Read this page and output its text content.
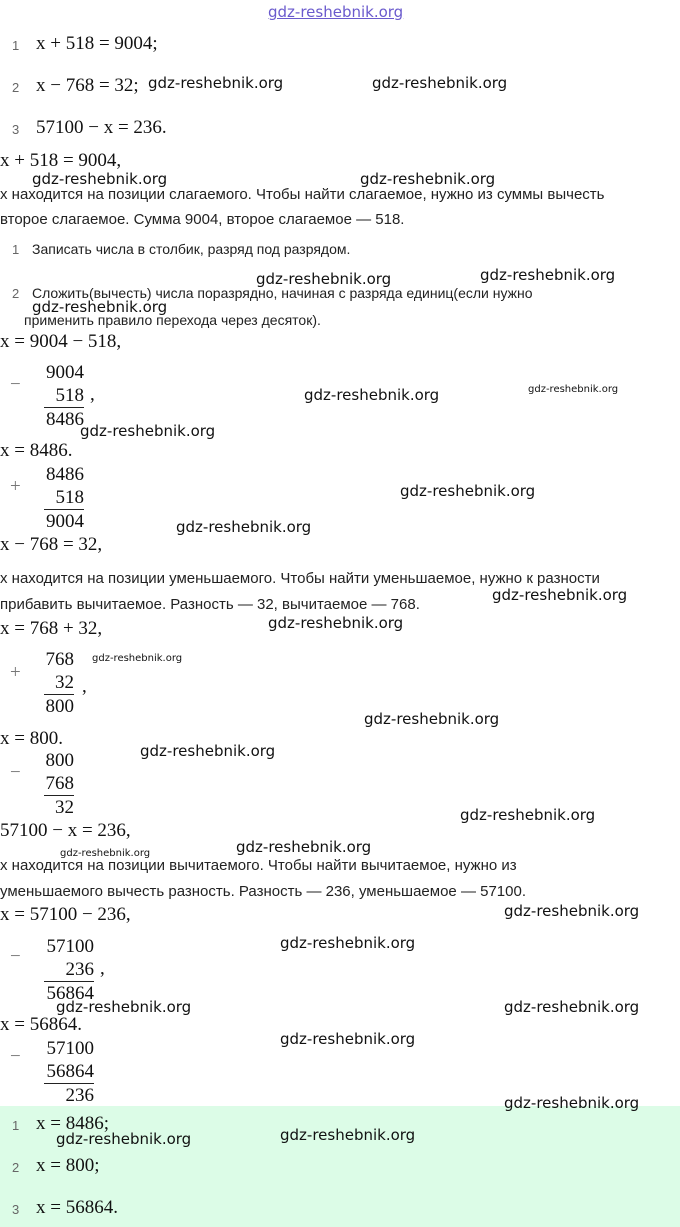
gdz-reshebnik.org
1 x + 518 = 9004;
2 x − 768 = 32;
3 57100 − x = 236.
x + 518 = 9004,
x находится на позиции слагаемого. Чтобы найти слагаемое, нужно из суммы вычесть
второе слагаемое. Сумма 9004, второе слагаемое — 518.
1 Записать числа в столбик, разряд под разрядом.
2 Сложить(вычесть) числа поразрядно, начиная с разряда единиц(если нужно
применить правило перехода через десяток).
x = 9004 − 518,
−
9004
518
8486
,
x = 8486.
+
8486
518
9004
x − 768 = 32,
x находится на позиции уменьшаемого. Чтобы найти уменьшаемое, нужно к разности
прибавить вычитаемое. Разность — 32, вычитаемое — 768.
x = 768 + 32,
+
768
32
800
,
x = 800.
−
800
768
32
57100 − x = 236,
x находится на позиции вычитаемого. Чтобы найти вычитаемое, нужно из
уменьшаемого вычесть разность. Разность — 236, уменьшаемое — 57100.
x = 57100 − 236,
−	57100
236
56864
,
x = 56864.
−	57100
56864
236
1 x = 8486;
2 x = 800;
3 x = 56864.
gdz-reshebnik.org	gdz-reshebnik.org
gdz-reshebnik.org	gdz-reshebnik.org
gdz-reshebnik.org	gdz-reshebnik.org
gdz-reshebnik.org
gdz-reshebnik.org	gdz-reshebnik.org
gdz-reshebnik.org
gdz-reshebnik.org
gdz-reshebnik.org
gdz-reshebnik.org
gdz-reshebnik.org
gdz-reshebnik.org
gdz-reshebnik.org
gdz-reshebnik.org
gdz-reshebnik.org
gdz-reshebnik.org
gdz-reshebnik.org
gdz-reshebnik.org
gdz-reshebnik.org
gdz-reshebnik.org	gdz-reshebnik.org
gdz-reshebnik.org
gdz-reshebnik.org
gdz-reshebnik.org	gdz-reshebnik.org
